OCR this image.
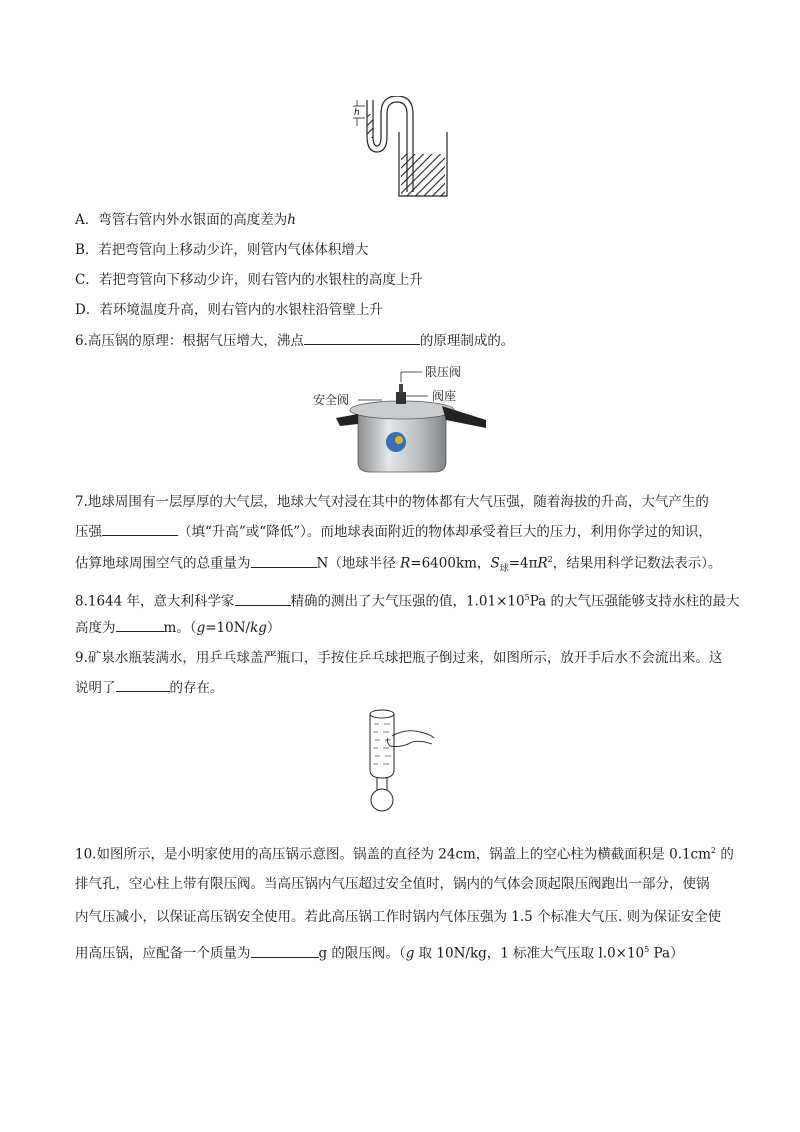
h
A．弯管右管内外水银面的高度差为h
B．若把弯管向上移动少许，则管内气体体积增大
C．若把弯管向下移动少许，则右管内的水银柱的高度上升
D．若环境温度升高，则右管内的水银柱沿管壁上升
6.高压锅的原理：根据气压增大，沸点	的原理制成的。
限压阀
阀座
安全阀
7.地球周围有一层厚厚的大气层，地球大气对浸在其中的物体都有大气压强，随着海拔的升高，大气产生的
压强	（填“升高”或“降低”）。而地球表面附近的物体却承受着巨大的压力，利用你学过的知识，
估算地球周围空气的总重量为	N（地球半径 R=6400km，$S_球=4\pi R^2$，结果用科学记数法表示）。
8.1644 年，意大利科学家	精确的测出了大气压强的值，$1.01\times 10^5Pa$ 的大气压强能够支持水柱的最大
高度为	m。（g=10N/kg）
9.矿泉水瓶装满水，用乒乓球盖严瓶口，手按住乒乓球把瓶子倒过来，如图所示，放开手后水不会流出来。这
说明了	的存在。
10.如图所示，是小明家使用的高压锅示意图。锅盖的直径为 24cm，锅盖上的空心柱为横截面积是 $0.1cm^2$ 的
排气孔，空心柱上带有限压阀。当高压锅内气压超过安全值时，锅内的气体会顶起限压阀跑出一部分，使锅
内气压减小，以保证高压锅安全使用。若此高压锅工作时锅内气体压强为 1.5 个标准大气压. 则为保证安全使
用高压锅，应配备一个质量为	g 的限压阀。（g 取 10N/kg，1 标准大气压取 $l.0\times 10^5$ Pa）
